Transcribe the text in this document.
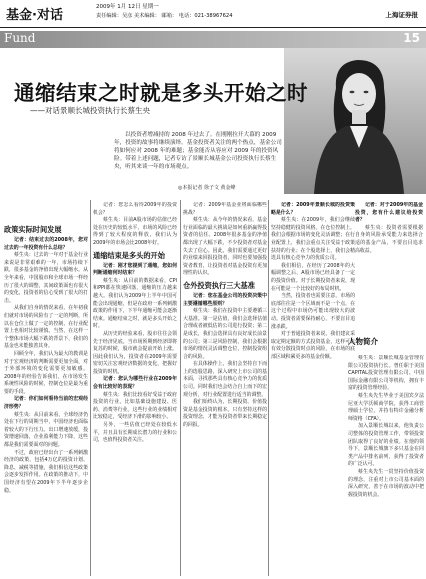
基金·对话
2009年 1月 12日 星期一
责任编辑：吴彦 美术编辑： 邮箱： 电话：021-38967624	上海证券报
Fund	15
通缩结束之时就是多头开始之时
——对话景顺长城投资执行长蔡生央
以投资者增减持的 2008 年过去了。在刚刚拉开大幕的 2009 年，投资的故事将继续演绎。基金投资者关注的两个热点，基金公司将如何应对 2008 年的难题；基金能否从容应对 2009 年的投资风险。带着上述问题，记者专访了景顺长城基金公司投资执行长蔡生央，听其来谈一年的市场观点。
◎本报记者 徐子文 黄金峰

政策实际时间发展

记者：结束过去的2008年，您对过去的一年投资有什么总结？

蔡生央：过去的一年对于基金行业来说是非常艰难的一年，市场持续下跌，很多基金的净值出现大幅缩水。从全年来看，中国股市和全球市场一样经历了很大的调整，其间政策面也有很大的变化，投资者的信心受到了很大的打击。

从我们自身的情况来看，在年初我们就对市场的风险有了一定的判断，所以在仓位上做了一定的控制，在行业配置上也相对比较谨慎。当然，在这样一个整体市场大幅下跌的背景下，我们的基金也未能独善其身。

回顾全年，我们认为最大的教训是对于宏观经济的判断需要更加全面，对于外部环境的变化需要更加敏感。2008年的经验告诉我们，在市场发生系统性风险的时候，控制仓位是最为重要的手段。

记者：你们如何看待当前的宏观经济形势？

蔡生央：从目前来看，全球经济仍处在下行的周期当中，中国经济也面临着较大的下行压力。出口增速放缓，投资增速回落，企业盈利能力下降，这些都是我们需要面对的问题。

不过，政府已经出台了一系列刺激经济的政策，包括4万亿的投资计划、降息、减税等措施，我们相信这些政策会逐步发挥作用。在政策的推动下，中国经济有望在2009年下半年逐步企稳。

记者：您怎么看待2009年的投资机会？

蔡生央：目前A股市场的估值已经处在历史的较低水平，市场的风险已经得到了较大程度的释放，我们认为2009年的市场会比2008年好。

通缩结束是多头的开始

记者：刚才您提到了通缩，您如何判断通缩何时结束？

蔡生央：从目前的数据来看，CPI和PPI都在快速回落，通缩的压力越来越大。我们认为2009年上半年中国可能会出现通缩，但是在政府一系列刺激政策的作用下，下半年通缩可能会逐渐结束。通缩结束之时，就是多头开始之时。

从历史的经验来看，股市往往会领先于经济见底。当市场预期到经济即将复苏的时候，股市就会提前开始上涨。因此我们认为，投资者在2009年需要密切关注宏观经济数据的变化，把握好投资的时机。

记者：您认为哪些行业在2009年会有比较好的表现？

蔡生央：我们比较看好受益于政府投资的行业，比如基础设施建设、医药、消费等行业。这些行业的业绩相对比较稳定，受经济下滑的影响较小。

另外，一些估值已经处在较低水平，并且具有长期成长潜力的行业和公司，也值得投资者关注。

记者：2009年基金业将面临哪些挑战？

蔡生央：从今年的情况来看，基金行业面临的最大挑战是如何重新赢得投资者的信任。2008年很多基金的净值都出现了大幅下跌，不少投资者对基金失去了信心。因此，我们需要通过更好的业绩来回报投资者，同时也要加强投资者教育，让投资者对基金投资有更加理性的认识。

仓外投资执行三大基准

记者：您在基金公司的投资决策中主要遵循哪些原则？

蔡生央：我们在投资中主要遵循三大基准。第一是估值，我们会选择估值合理或者被低估的公司进行投资；第二是成长，我们会选择具有良好成长前景的公司；第三是风险控制，我们会根据市场的情况灵活调整仓位，控制投资组合的风险。

在具体操作上，我们会坚持自下而上的选股思路，深入研究上市公司的基本面，寻找那些具有核心竞争力的优质公司。同时我们也会结合自上而下的宏观分析，对行业配置进行适当的调整。

我们始终认为，长期投资、价值投资是基金投资的根本。只有坚持这样的投资理念，才能为投资者带来长期稳定的回报。

记者：2009年景顺长城的投资策略是什么？

蔡生央：在2009年，我们会继续坚持稳健的投资风格。在仓位控制上，我们会根据市场的变化灵活调整；在行业配置上，我们会重点关注受益于政策扶持的行业；在个股选择上，我们会精选具有核心竞争力的优质公司。

我们相信，在经历了2008年的大幅调整之后，A股市场已经具备了一定的投资价值。对于长期投资者来说，现在可能是一个比较好的布局时机。

当然，投资者也需要注意，市场的底部往往是一个区域而不是一个点，在这个过程中市场仍可能出现较大的波动。投资者需要保持耐心，不要盲目追涨杀跌。

对于普通投资者来说，我们建议采取定期定额的方式投资基金，这样可以有效分散投资时点的风险，在市场的底部区域积累更多的基金份额。

记者：对于2009年的基金投资，您有什么建议给投资者？

蔡生央：投资者需要根据自身的风险承受能力来选择合适的基金产品，不要盲目追求高收益。

人物简介

蔡生央：景顺长城基金管理有限公司投资执行长。曾任职于美国CAPITAL投资管理有限公司、中国国际金融有限公司等机构，拥有丰富的投资管理经验。

蔡生央先生毕业于美国宾夕法尼亚大学沃顿商学院，获得工商管理硕士学位，并持有特许金融分析师资格（CFA）。

加入景顺长城以来，他负责公司整体的投资管理工作，带领投资团队取得了良好的业绩。在他的领导下，景顺长城旗下多只基金在同类产品中排名前列，获得了投资者的广泛认可。

蔡生央先生一贯坚持价值投资的理念，注重对上市公司基本面的深入研究，善于在市场的波动中把握投资的机会。
